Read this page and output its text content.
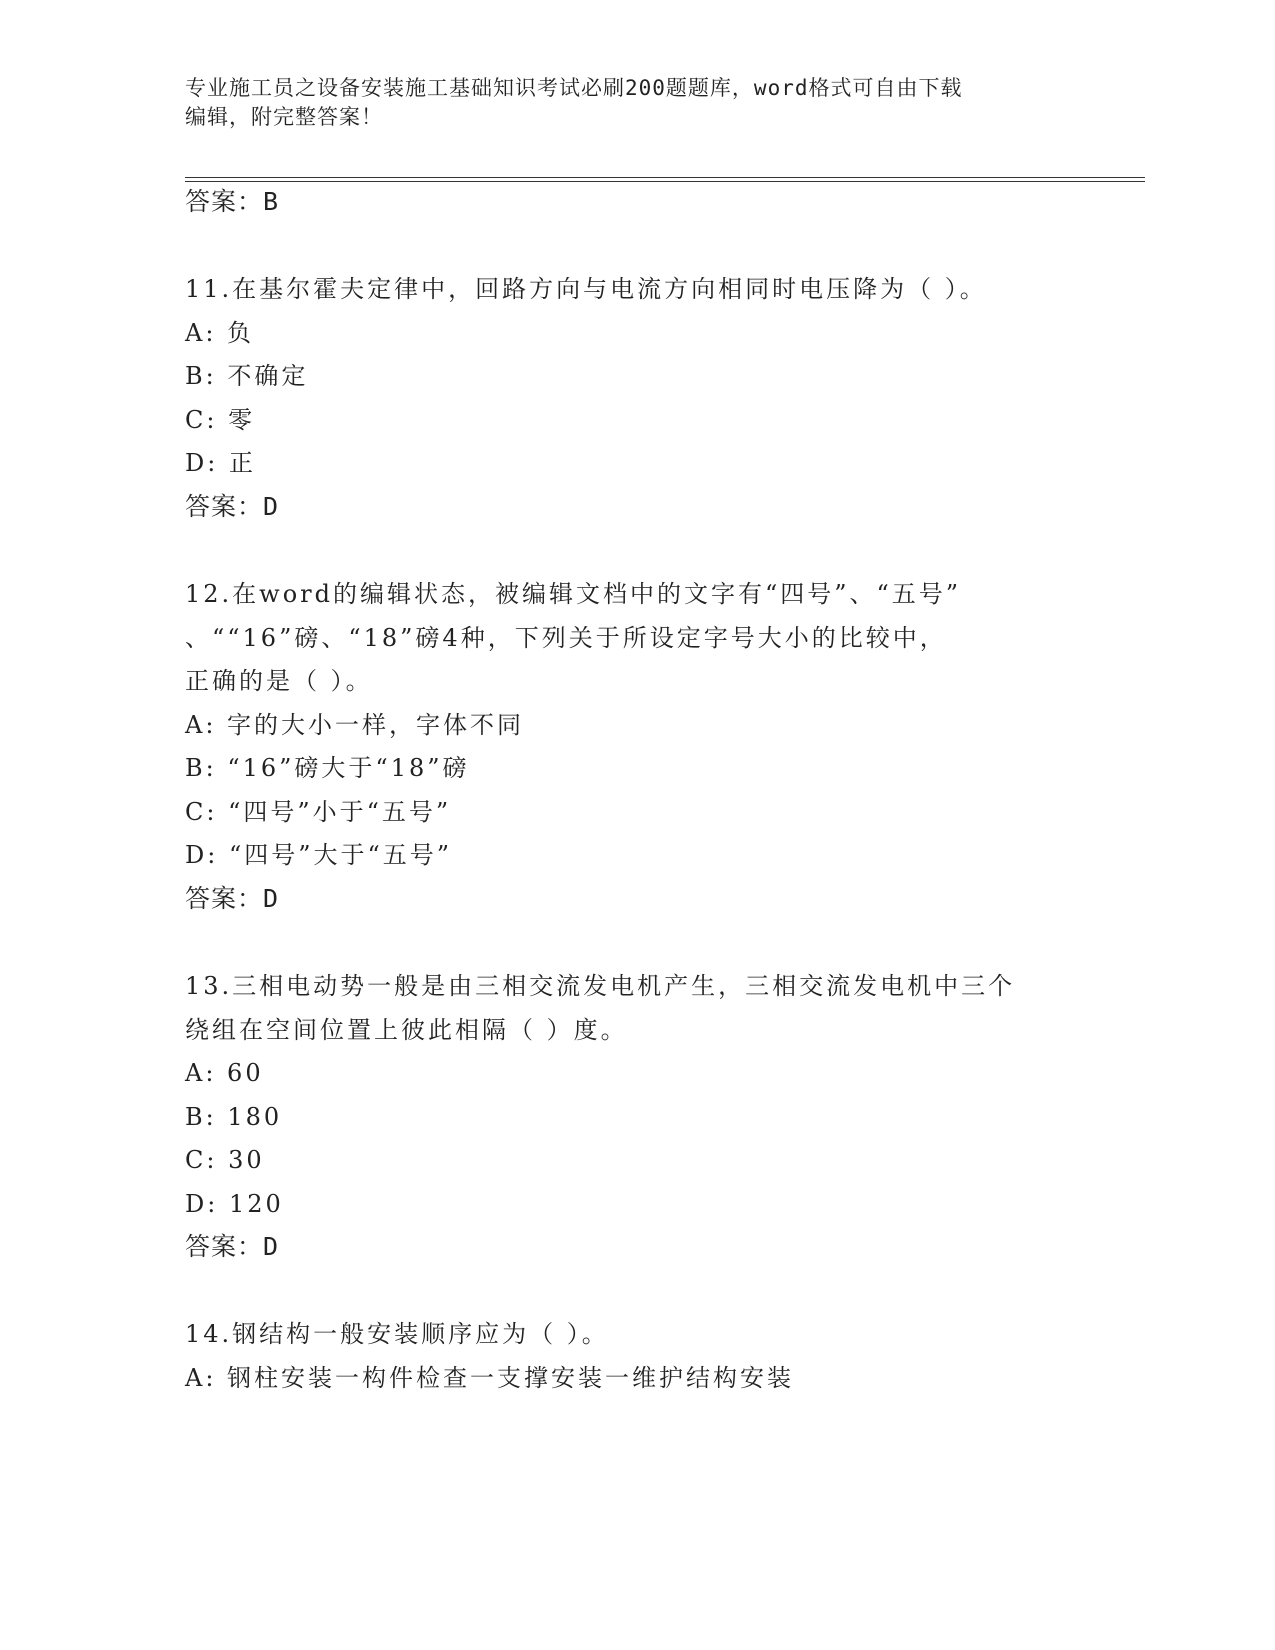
专业施工员之设备安装施工基础知识考试必刷200题题库，word格式可自由下载
编辑，附完整答案！
答案：B
11.在基尔霍夫定律中，回路方向与电流方向相同时电压降为（ ）。
A: 负
B: 不确定
C: 零
D: 正
答案：D
12.在word的编辑状态，被编辑文档中的文字有“四号”、“五号”
、““16”磅、“18”磅4种，下列关于所设定字号大小的比较中，
正确的是（ ）。
A: 字的大小一样，字体不同
B: “16”磅大于“18”磅
C: “四号”小于“五号”
D: “四号”大于“五号”
答案：D
13.三相电动势一般是由三相交流发电机产生，三相交流发电机中三个
绕组在空间位置上彼此相隔（ ）度。
A: 60
B: 180
C: 30
D: 120
答案：D
14.钢结构一般安装顺序应为（ ）。
A: 钢柱安装一构件检查一支撑安装一维护结构安装
